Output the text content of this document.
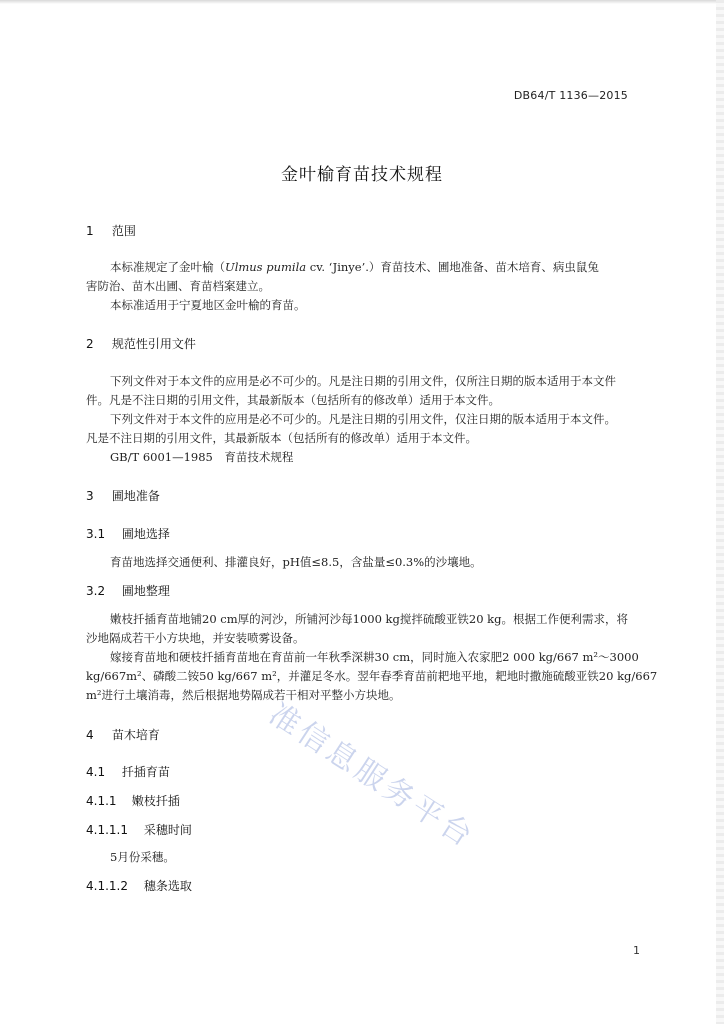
DB64/T 1136—2015
金叶榆育苗技术规程
1 范围
本标准规定了金叶榆（Ulmus pumila cv. ‘Jinye’.）育苗技术、圃地准备、苗木培育、病虫鼠兔
害防治、苗木出圃、育苗档案建立。
本标准适用于宁夏地区金叶榆的育苗。
2 规范性引用文件
下列文件对于本文件的应用是必不可少的。凡是注日期的引用文件，仅所注日期的版本适用于本文件
件。凡是不注日期的引用文件，其最新版本（包括所有的修改单）适用于本文件。
下列文件对于本文件的应用是必不可少的。凡是注日期的引用文件，仅注日期的版本适用于本文件。
凡是不注日期的引用文件，其最新版本（包括所有的修改单）适用于本文件。
GB/T 6001—1985　育苗技术规程
3 圃地准备
3.1 圃地选择
育苗地选择交通便利、排灌良好，pH值≤8.5，含盐量≤0.3%的沙壤地。
3.2 圃地整理
嫩枝扦插育苗地铺20 cm厚的河沙，所铺河沙每1000 kg搅拌硫酸亚铁20 kg。根据工作便利需求，将
沙地隔成若干小方块地，并安装喷雾设备。
嫁接育苗地和硬枝扦插育苗地在育苗前一年秋季深耕30 cm，同时施入农家肥2 000 kg/667 m²～3000
kg/667m²、磷酸二铵50 kg/667 m²，并灌足冬水。翌年春季育苗前耙地平地，耙地时撒施硫酸亚铁20 kg/667
m²进行土壤消毒，然后根据地势隔成若干相对平整小方块地。
4 苗木培育
4.1 扦插育苗
4.1.1 嫩枝扦插
4.1.1.1 采穗时间
5月份采穗。
4.1.1.2 穗条选取
准信息服务平台
1
